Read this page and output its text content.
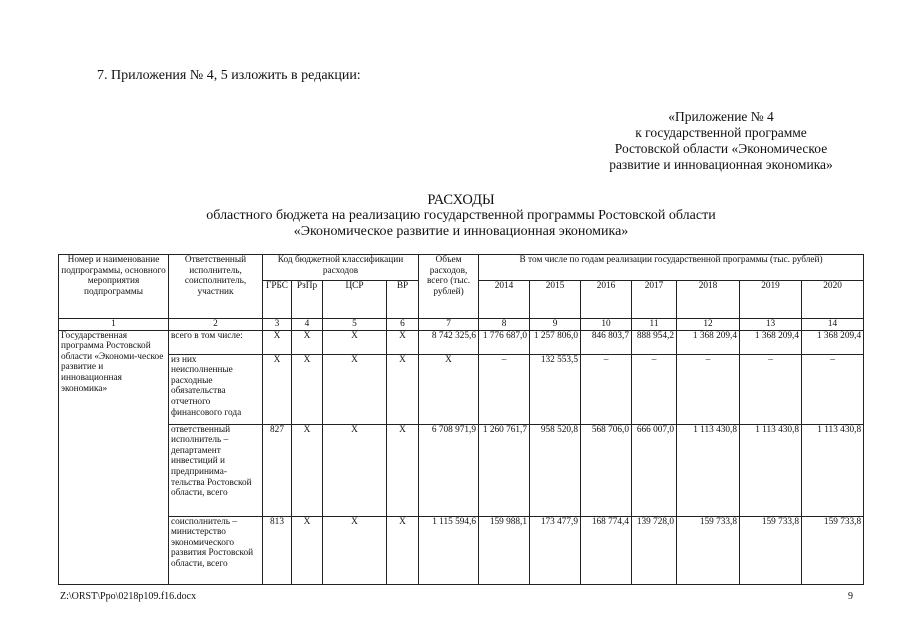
7. Приложения № 4, 5 изложить в редакции:
«Приложение № 4
к государственной программе
Ростовской области «Экономическое
развитие и инновационная экономика»
РАСХОДЫ
областного бюджета на реализацию государственной программы Ростовской области
«Экономическое развитие и инновационная экономика»
Номер и наименование подпрограммы, основного мероприятия подпрограммы	Ответственный исполнитель, соисполнитель, участник	Код бюджетной классификации расходов				Объем расходов, всего (тыс. рублей)	В том числе по годам реализации государственной программы (тыс. рублей)						
		ГРБС	РзПр	ЦСР	ВР		2014	2015	2016	2017	2018	2019	2020
1	2	3	4	5	6	7	8	9	10	11	12	13	14
Государственная программа Ростовской области «Экономи-ческое развитие и инновационная экономика»	всего в том числе:	Х	Х	Х	Х	8 742 325,6	1 776 687,0	1 257 806,0	846 803,7	888 954,2	1 368 209,4	1 368 209,4	1 368 209,4
	из них неисполненные расходные обязательства отчетного финансового года	Х	Х	Х	Х	Х	–	132 553,5	–	–	–	–	–
	ответственный исполнитель – департамент инвестиций и предпринима-тельства Ростовской области, всего	827	Х	Х	Х	6 708 971,9	1 260 761,7	958 520,8	568 706,0	666 007,0	1 113 430,8	1 113 430,8	1 113 430,8
	соисполнитель – министерство экономического развития Ростовской области, всего	813	Х	Х	Х	1 115 594,6	159 988,1	173 477,9	168 774,4	139 728,0	159 733,8	159 733,8	159 733,8
Z:\ORST\Ppo\0218p109.f16.docx	9
